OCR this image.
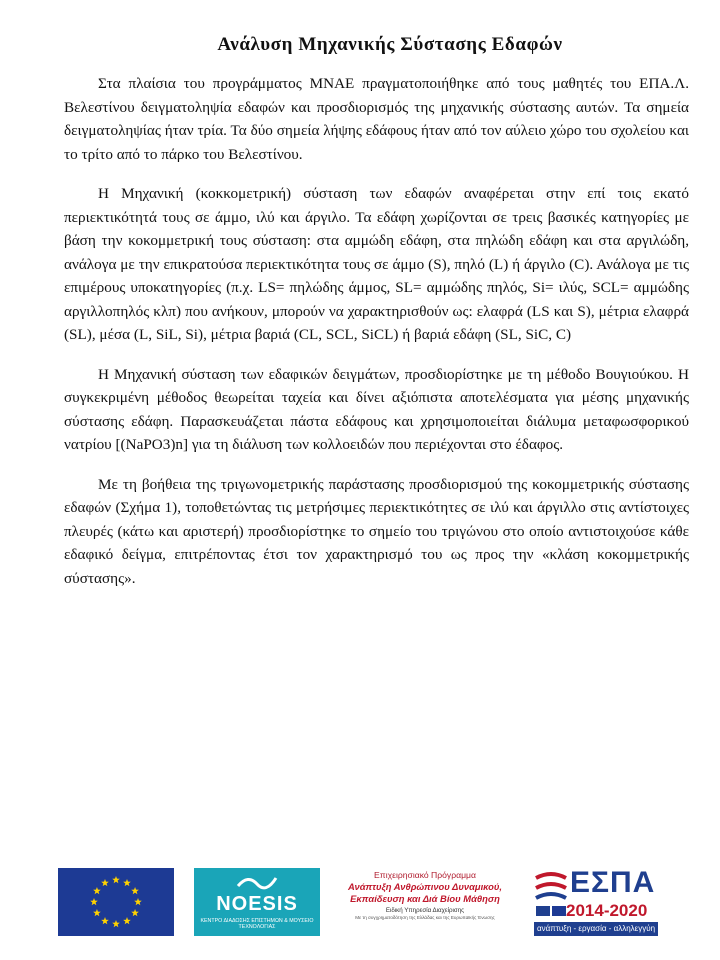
Ανάλυση Μηχανικής Σύστασης Εδαφών

Στα πλαίσια του προγράμματος ΜΝΑΕ πραγματοποιήθηκε από τους μαθητές του ΕΠΑ.Λ. Βελεστίνου δειγματοληψία εδαφών και προσδιορισμός της μηχανικής σύστασης αυτών. Τα σημεία δειγματοληψίας ήταν τρία. Τα δύο σημεία λήψης εδάφους ήταν από τον αύλειο χώρο του σχολείου και το τρίτο από το πάρκο του Βελεστίνου.

Η Μηχανική (κοκκομετρική) σύσταση των εδαφών αναφέρεται στην επί τοις εκατό περιεκτικότητά τους σε άμμο, ιλύ και άργιλο. Τα εδάφη χωρίζονται σε τρεις βασικές κατηγορίες με βάση την κοκομμετρική τους σύσταση: στα αμμώδη εδάφη, στα πηλώδη εδάφη και στα αργιλώδη, ανάλογα με την επικρατούσα περιεκτικότητα τους σε άμμο (S), πηλό (L) ή άργιλο (C). Ανάλογα με τις επιμέρους υποκατηγορίες (π.χ. LS= πηλώδης άμμος, SL= αμμώδης πηλός, Si= ιλύς, SCL= αμμώδης αργιλλοπηλός κλπ) που ανήκουν, μπορούν να χαρακτηρισθούν ως: ελαφρά (LS και S), μέτρια ελαφρά (SL), μέσα (L, SiL, Si), μέτρια βαριά (CL, SCL, SiCL) ή βαριά εδάφη (SL, SiC, C)

Η Μηχανική σύσταση των εδαφικών δειγμάτων, προσδιορίστηκε με τη μέθοδο Βουγιούκου. Η συγκεκριμένη μέθοδος θεωρείται ταχεία και δίνει αξιόπιστα αποτελέσματα για μέσης μηχανικής σύστασης εδάφη. Παρασκευάζεται πάστα εδάφους και χρησιμοποιείται διάλυμα μεταφωσφορικού νατρίου [(NaPO3)n] για τη διάλυση των κολλοειδών που περιέχονται στο έδαφος.

Με τη βοήθεια της τριγωνομετρικής παράστασης προσδιορισμού της κοκομμετρικής σύστασης εδαφών (Σχήμα 1), τοποθετώντας τις μετρήσιμες περιεκτικότητες σε ιλύ και άργιλλο στις αντίστοιχες πλευρές (κάτω και αριστερή) προσδιορίστηκε το σημείο του τριγώνου στο οποίο αντιστοιχούσε κάθε εδαφικό δείγμα, επιτρέποντας έτσι τον χαρακτηρισμό του ως προς την «κλάση κοκομμετρικής σύστασης».

NOESIS
ΚΕΝΤΡΟ ΔΙΑΔΟΣΗΣ ΕΠΙΣΤΗΜΩΝ & ΜΟΥΣΕΙΟ ΤΕΧΝΟΛΟΓΙΑΣ
Επιχειρησιακό Πρόγραμμα
Ανάπτυξη Ανθρώπινου Δυναμικού,
Εκπαίδευση και Διά Βίου Μάθηση
Ειδική Υπηρεσία Διαχείρισης
Με τη συγχρηματοδότηση της Ελλάδας και της Ευρωπαϊκής Ένωσης
ΕΣΠΑ
2014-2020
ανάπτυξη - εργασία - αλληλεγγύη
